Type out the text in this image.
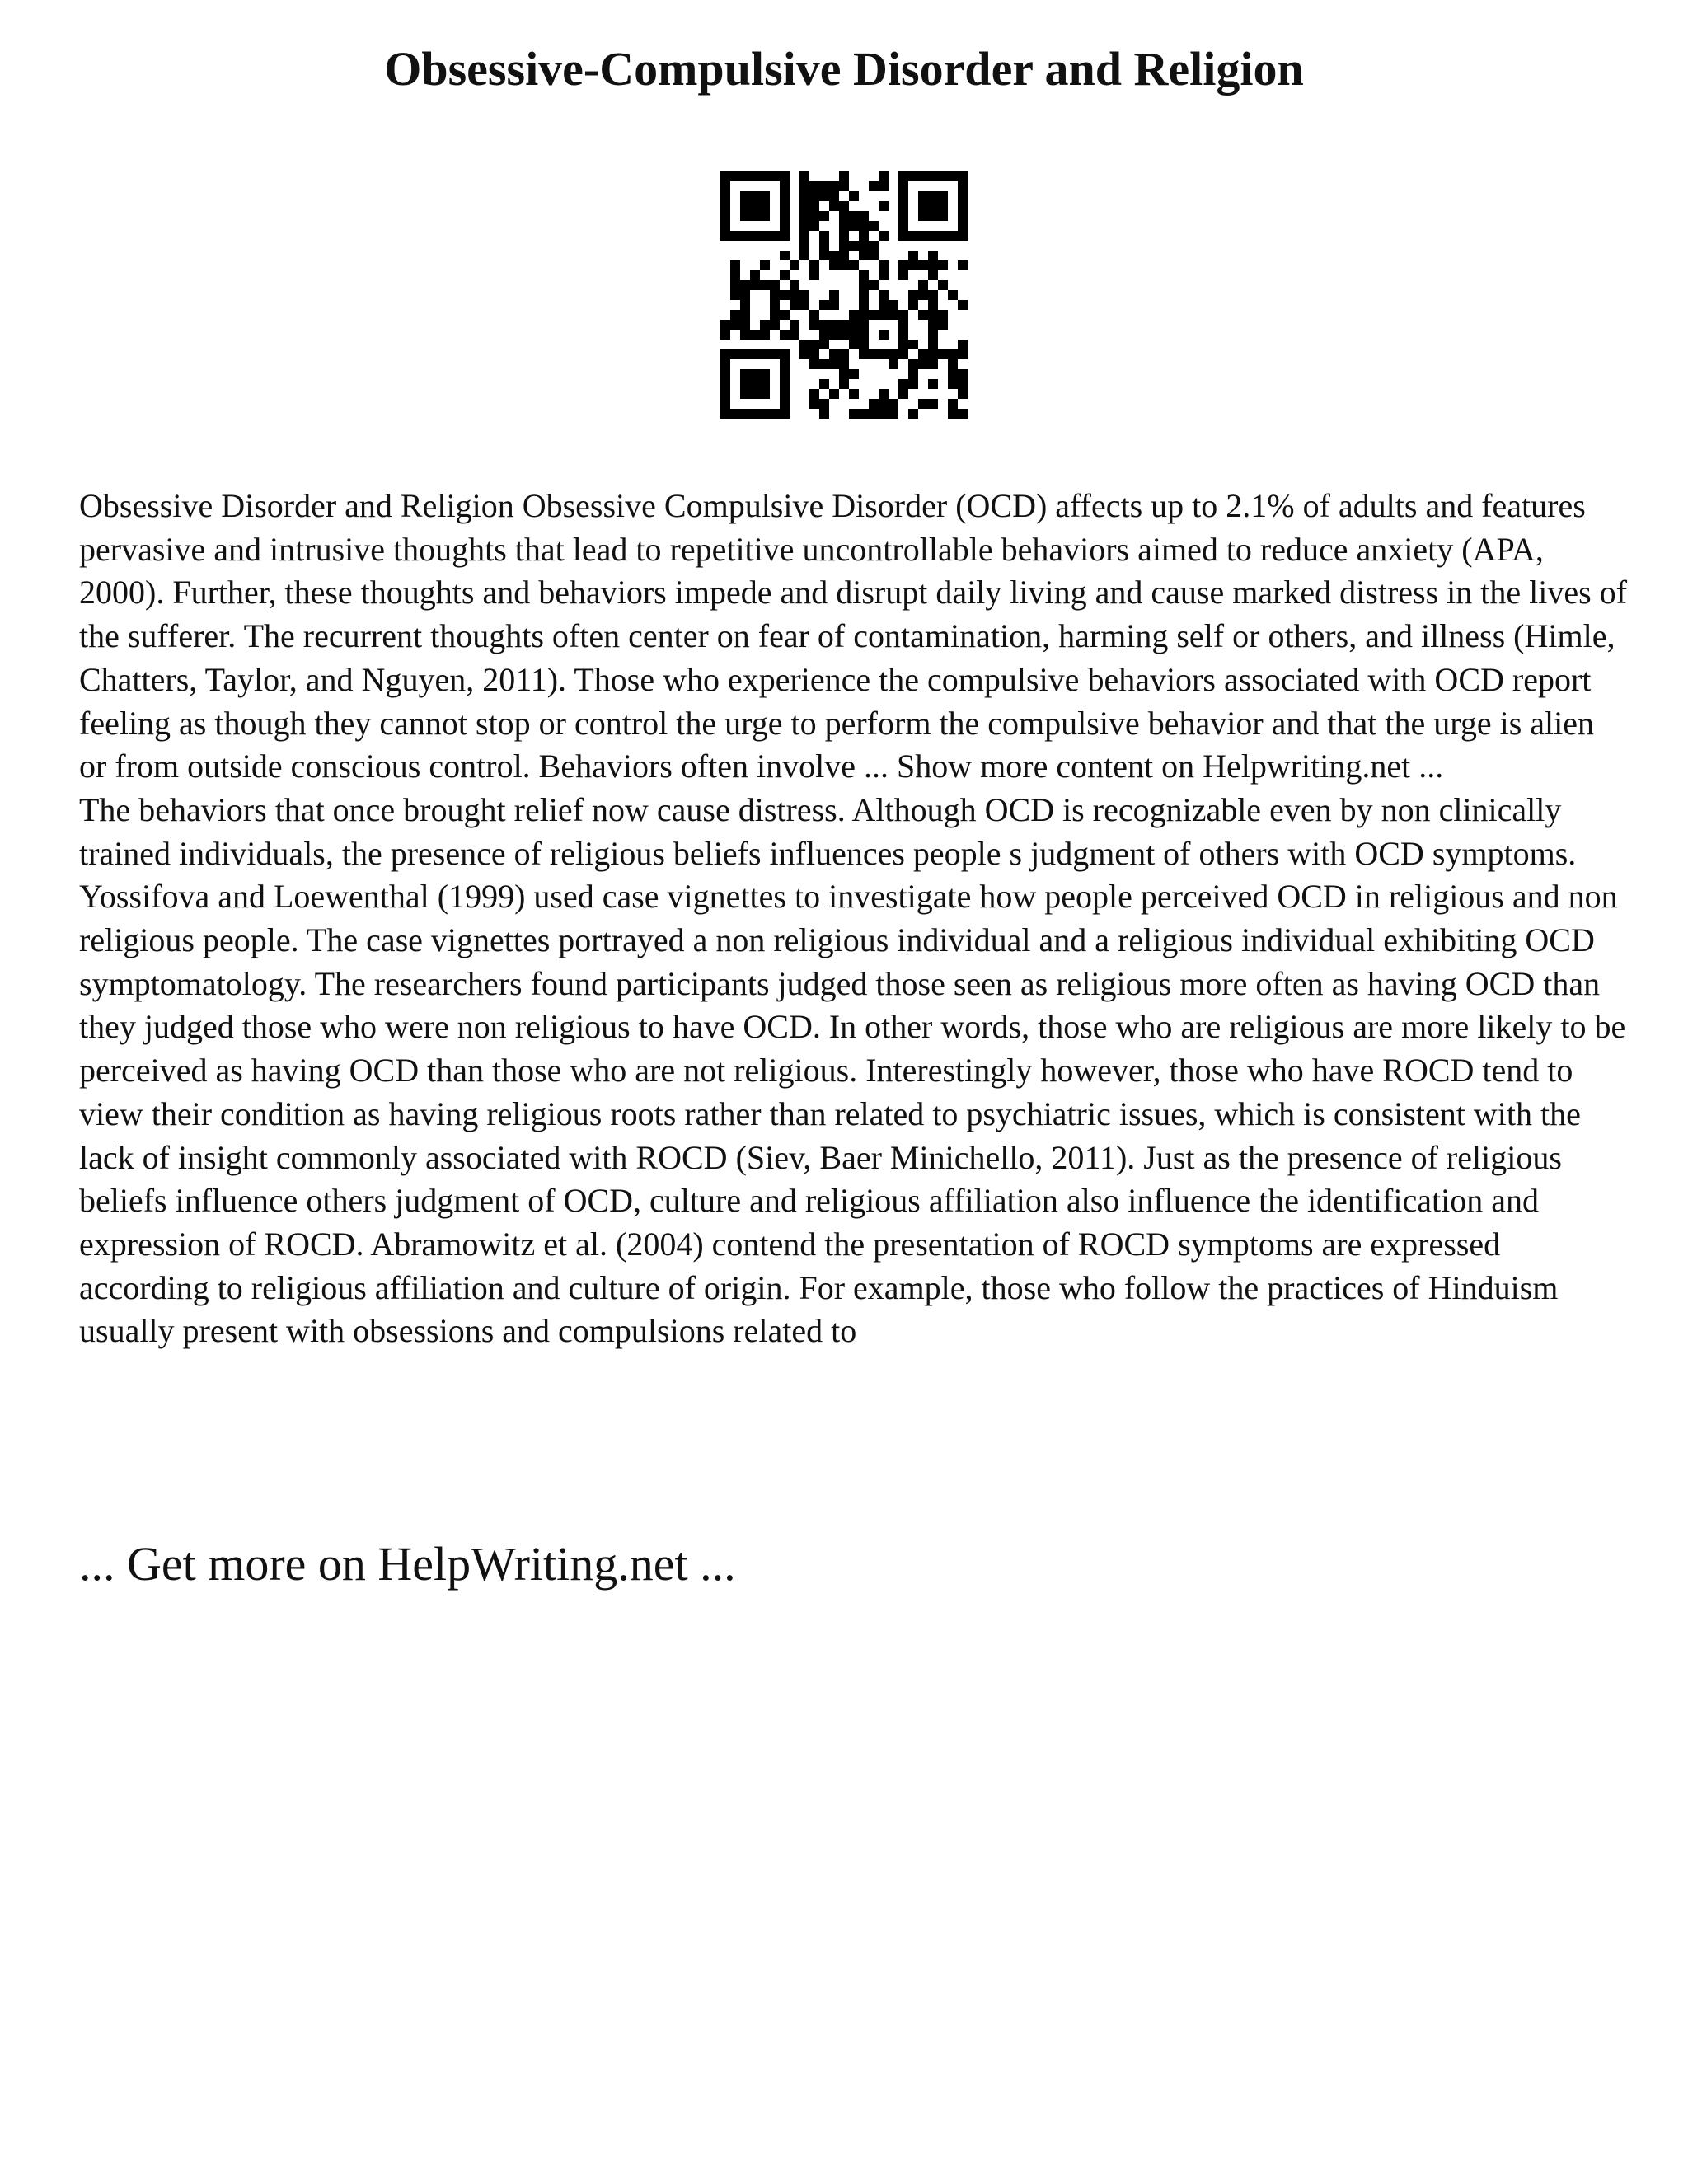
Obsessive-Compulsive Disorder and Religion

Obsessive Disorder and Religion Obsessive Compulsive Disorder (OCD) affects up to 2.1% of adults and features pervasive and intrusive thoughts that lead to repetitive uncontrollable behaviors aimed to reduce anxiety (APA, 2000). Further, these thoughts and behaviors impede and disrupt daily living and cause marked distress in the lives of the sufferer. The recurrent thoughts often center on fear of contamination, harming self or others, and illness (Himle, Chatters, Taylor, and Nguyen, 2011). Those who experience the compulsive behaviors associated with OCD report feeling as though they cannot stop or control the urge to perform the compulsive behavior and that the urge is alien or from outside conscious control. Behaviors often involve ... Show more content on Helpwriting.net ...

The behaviors that once brought relief now cause distress. Although OCD is recognizable even by non clinically trained individuals, the presence of religious beliefs influences people s judgment of others with OCD symptoms. Yossifova and Loewenthal (1999) used case vignettes to investigate how people perceived OCD in religious and non religious people. The case vignettes portrayed a non religious individual and a religious individual exhibiting OCD symptomatology. The researchers found participants judged those seen as religious more often as having OCD than they judged those who were non religious to have OCD. In other words, those who are religious are more likely to be perceived as having OCD than those who are not religious. Interestingly however, those who have ROCD tend to view their condition as having religious roots rather than related to psychiatric issues, which is consistent with the lack of insight commonly associated with ROCD (Siev, Baer Minichello, 2011). Just as the presence of religious beliefs influence others judgment of OCD, culture and religious affiliation also influence the identification and expression of ROCD. Abramowitz et al. (2004) contend the presentation of ROCD symptoms are expressed according to religious affiliation and culture of origin. For example, those who follow the practices of Hinduism usually present with obsessions and compulsions related to

... Get more on HelpWriting.net ...
